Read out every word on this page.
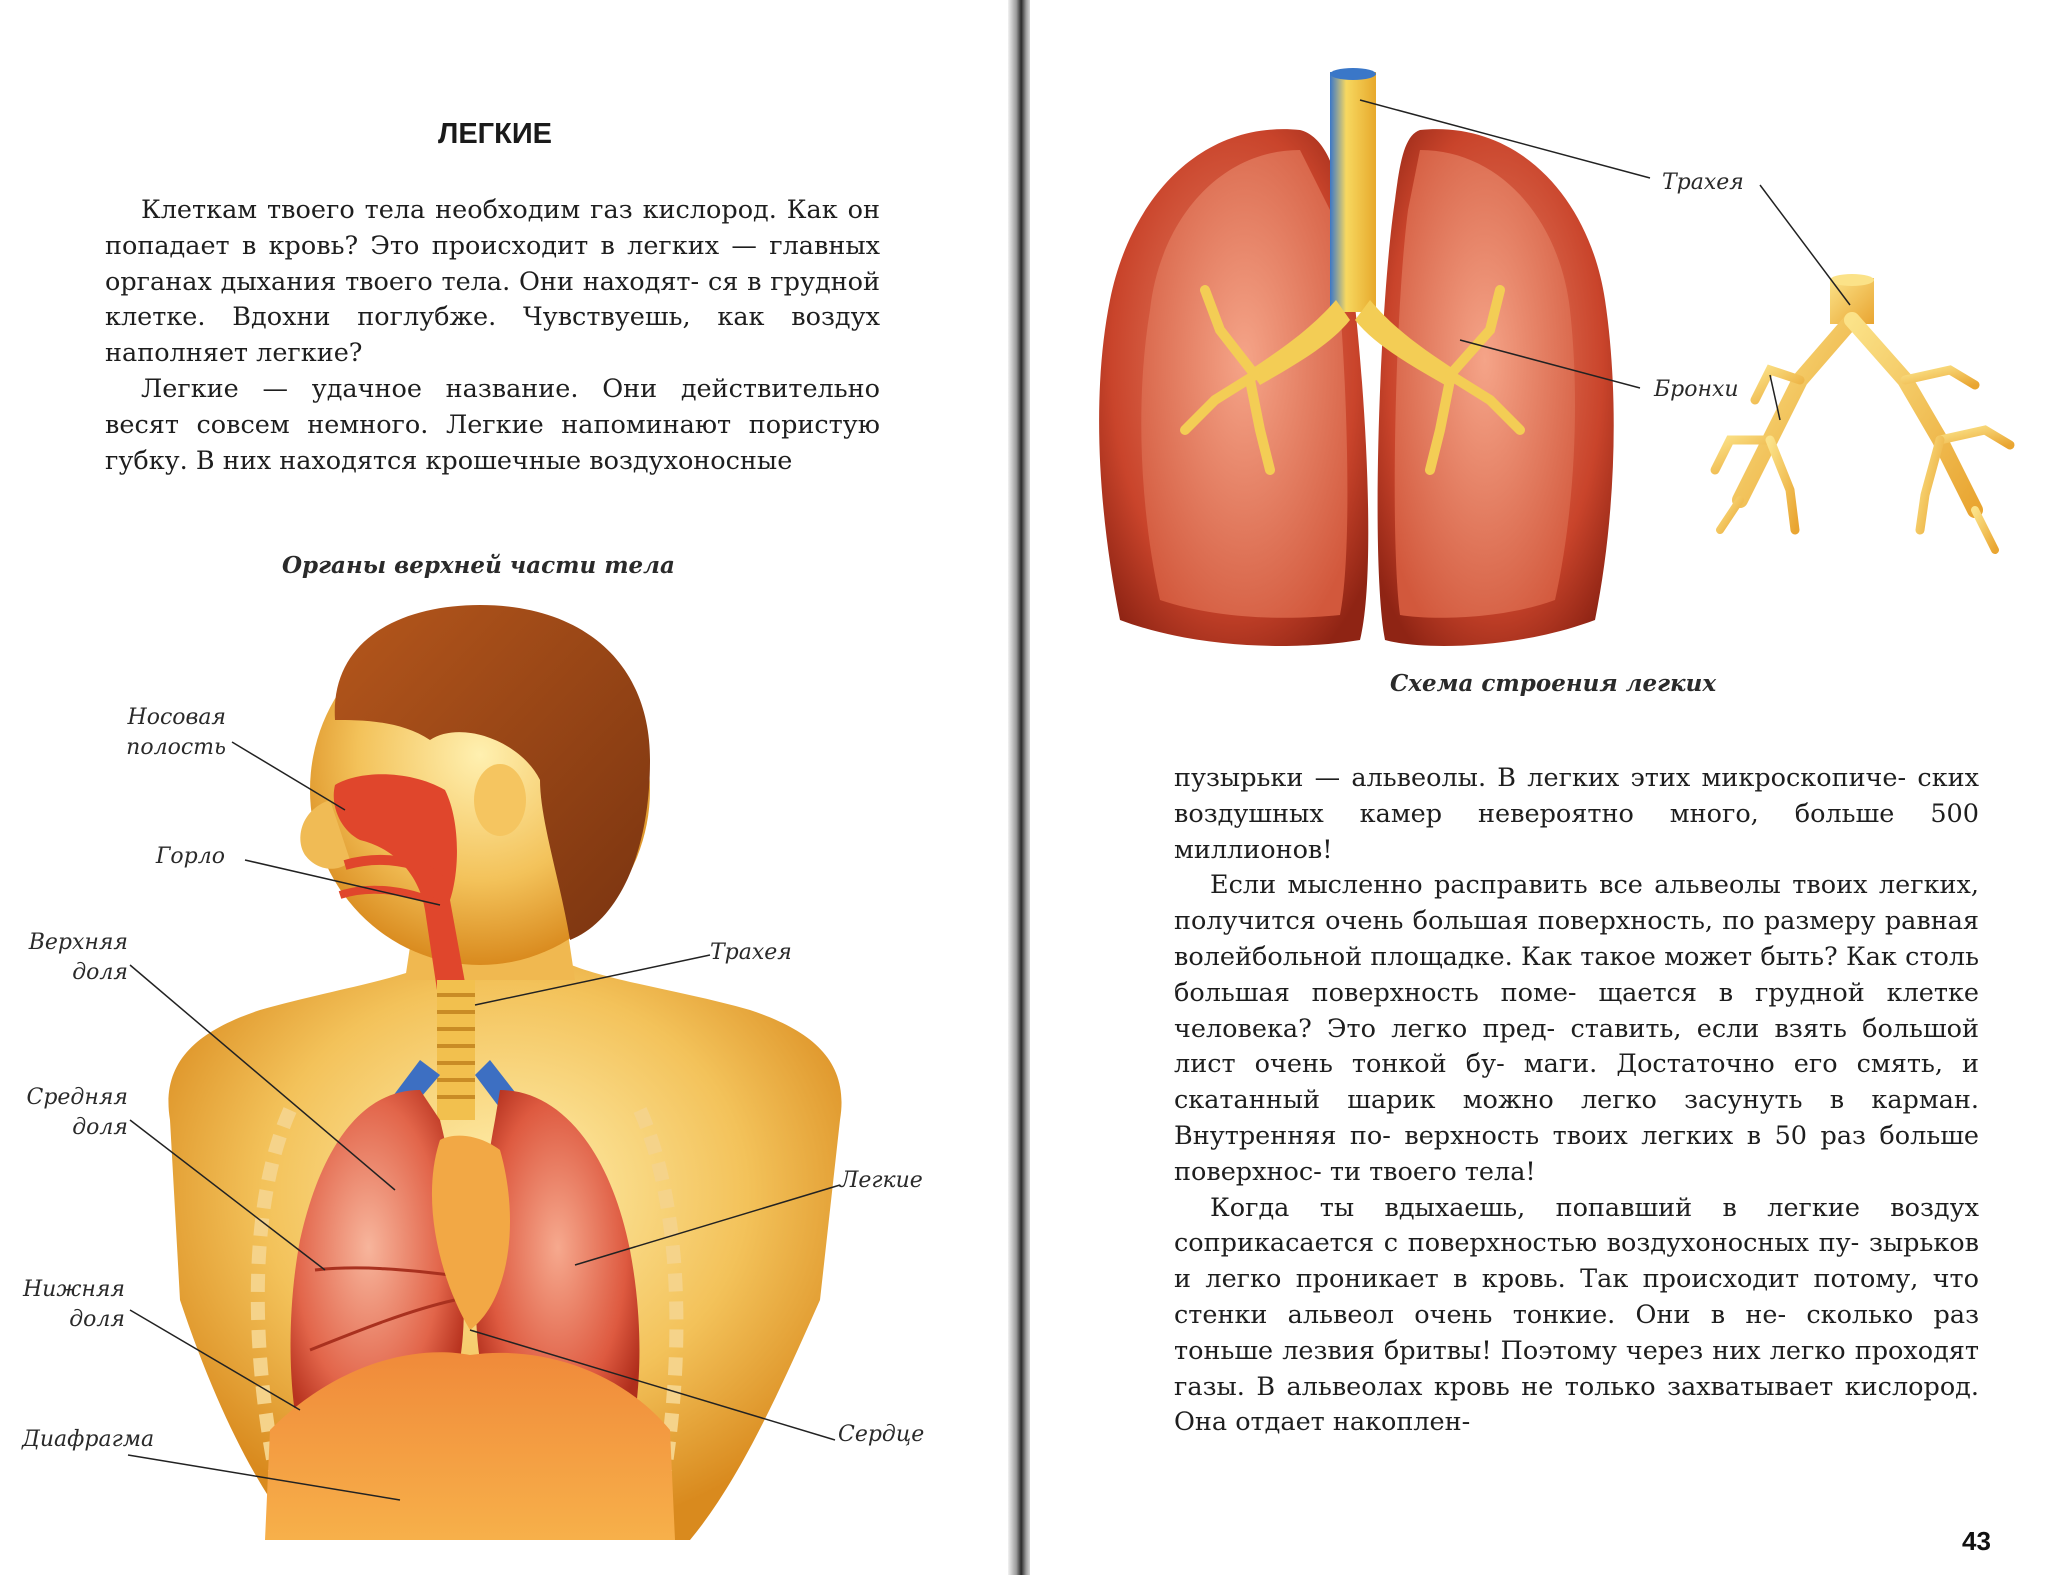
ЛЕГКИЕ

Клеткам твоего тела необходим газ кислород. Как он попадает в кровь? Это происходит в легких — главных органах дыхания твоего тела. Они находят- ся в грудной клетке. Вдохни поглубже. Чувствуешь, как воздух наполняет легкие?

Легкие — удачное название. Они действительно весят совсем немного. Легкие напоминают пористую губку. В них находятся крошечные воздухоносные

Органы верхней части тела
Носовая
полость
Горло
Верхняя
доля
Средняя
доля
Нижняя
доля
Диафрагма
Трахея
Легкие
Сердце
Трахея
Бронхи
Схема строения легких

пузырьки — альвеолы. В легких этих микроскопиче- ских воздушных камер невероятно много, больше 500 миллионов!

Если мысленно расправить все альвеолы твоих легких, получится очень большая поверхность, по размеру равная волейбольной площадке. Как такое может быть? Как столь большая поверхность поме- щается в грудной клетке человека? Это легко пред- ставить, если взять большой лист очень тонкой бу- маги. Достаточно его смять, и скатанный шарик можно легко засунуть в карман. Внутренняя по- верхность твоих легких в 50 раз больше поверхнос- ти твоего тела!

Когда ты вдыхаешь, попавший в легкие воздух соприкасается с поверхностью воздухоносных пу- зырьков и легко проникает в кровь. Так происходит потому, что стенки альвеол очень тонкие. Они в не- сколько раз тоньше лезвия бритвы! Поэтому через них легко проходят газы. В альвеолах кровь не только захватывает кислород. Она отдает накоплен-

43
